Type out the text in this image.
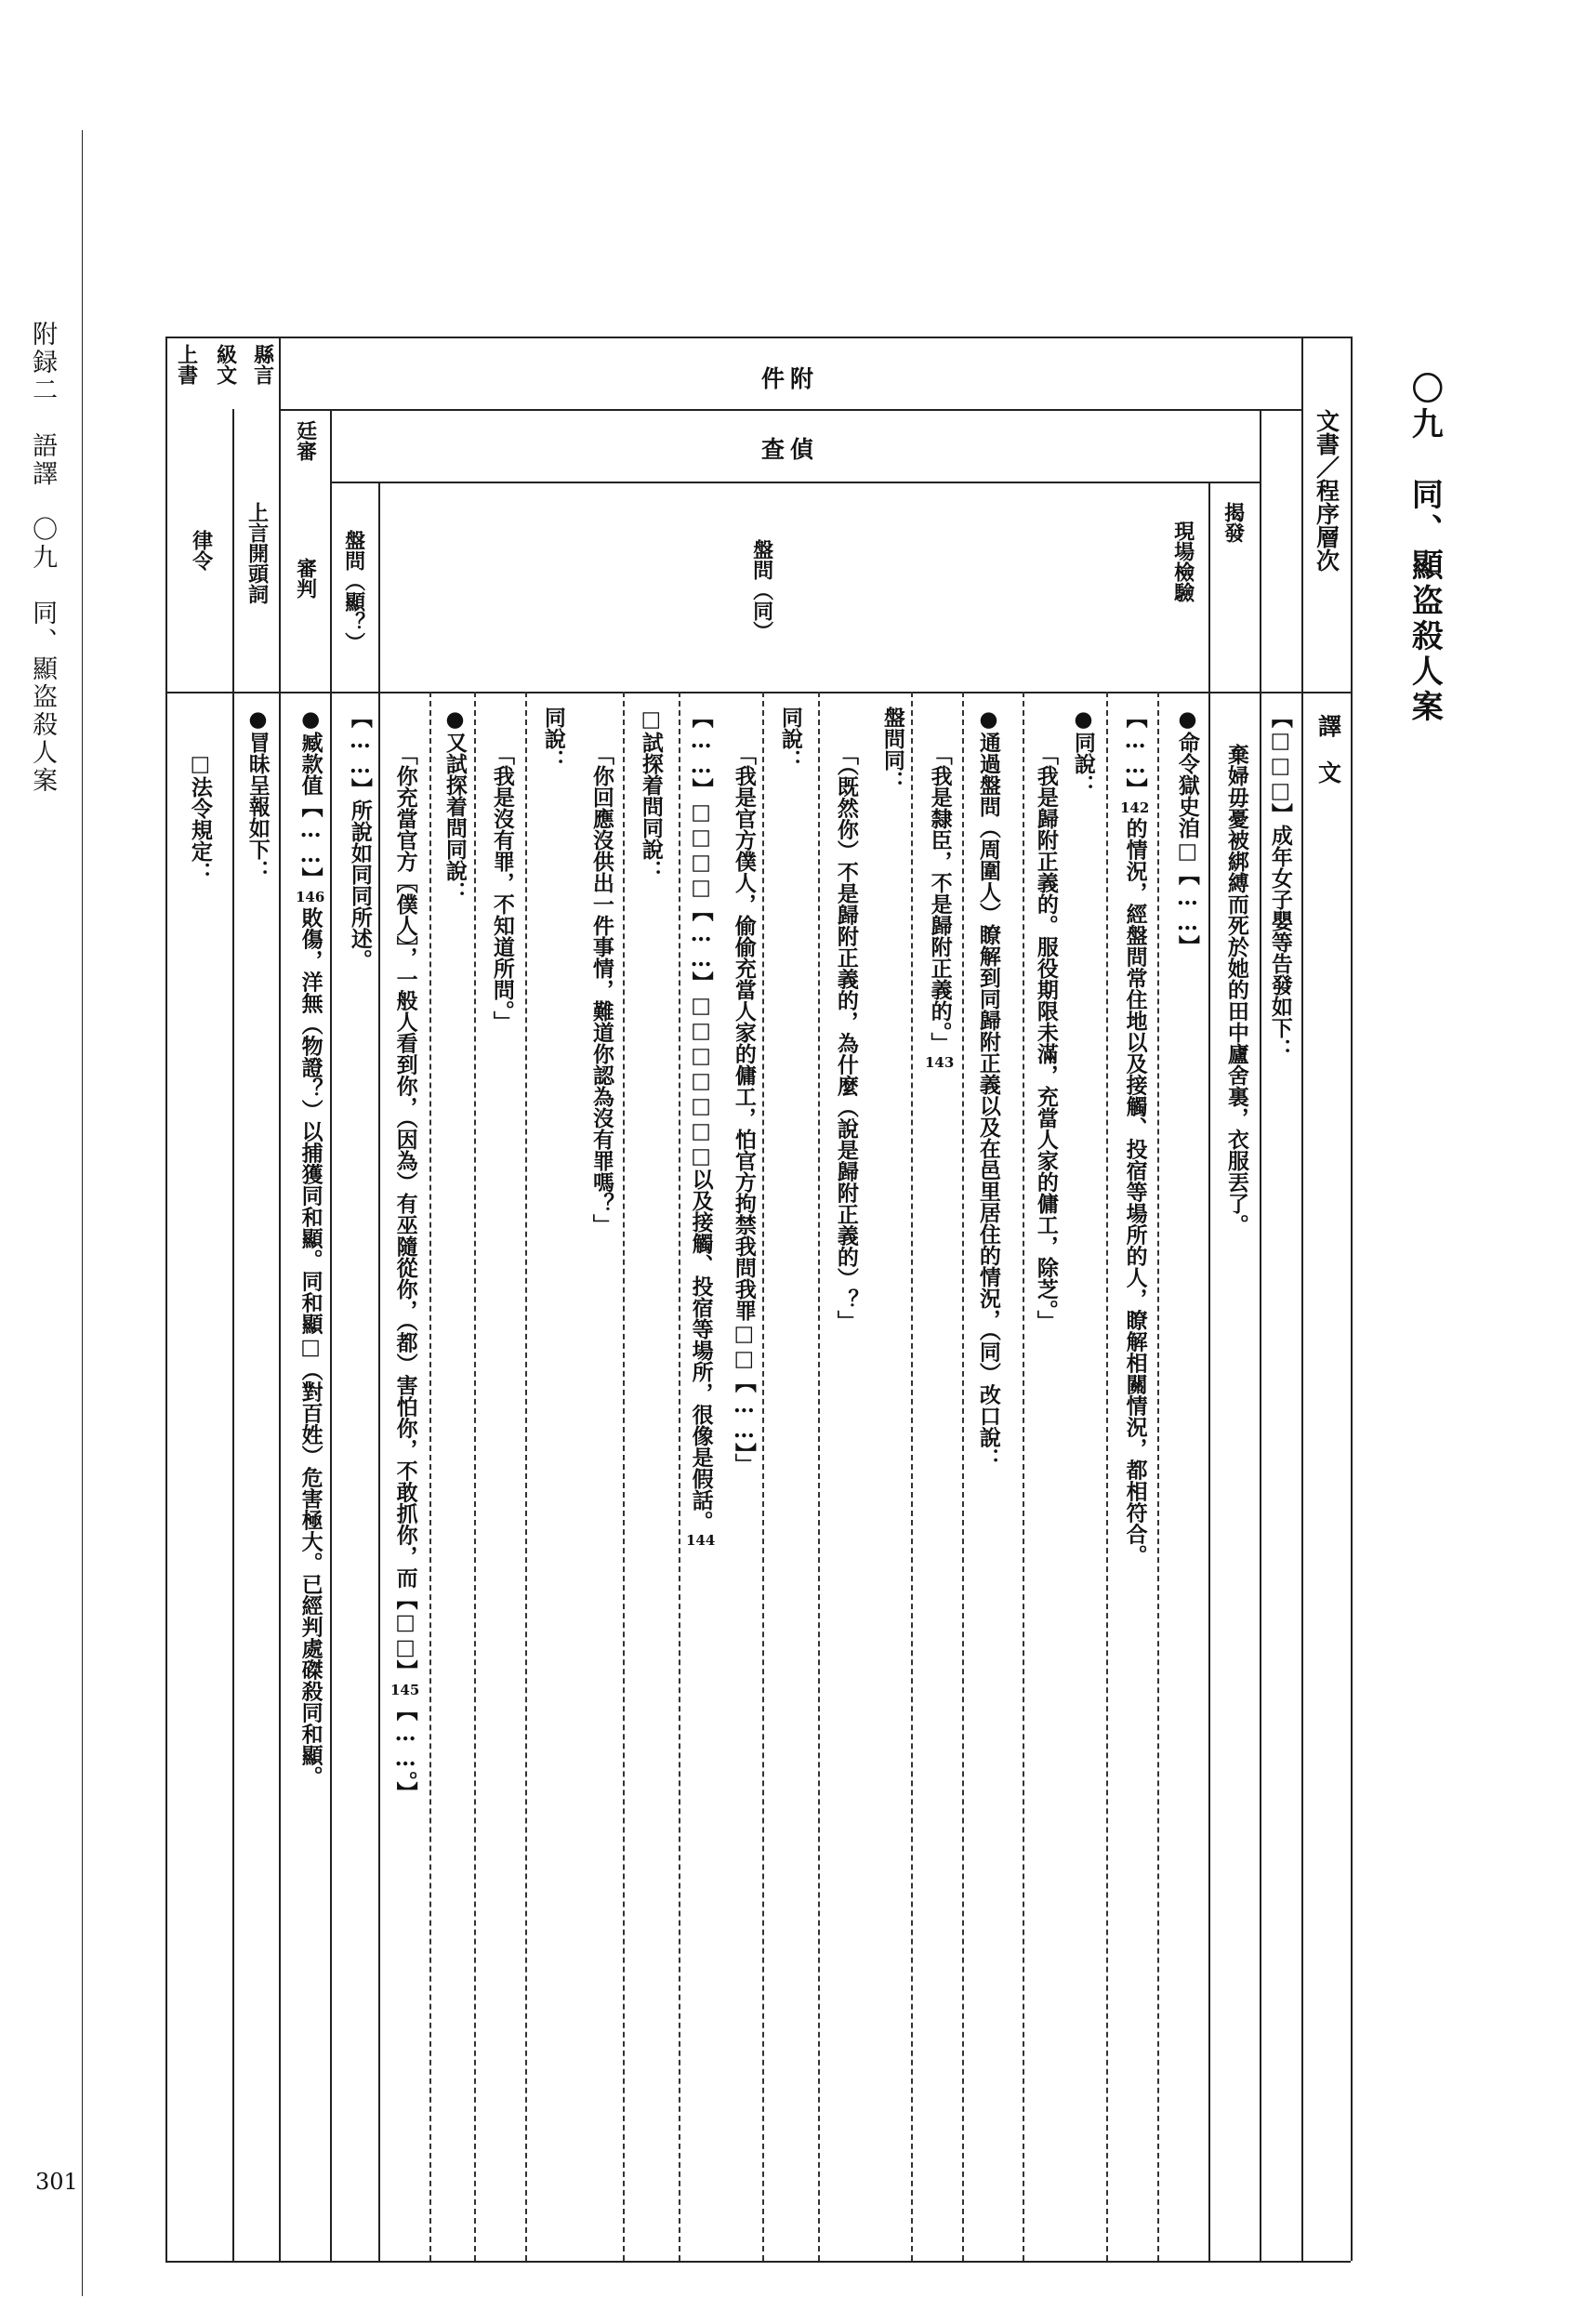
附録二　語譯　〇九　同、顯盗殺人案
301
〇九　同、顯盗殺人案
文書／程序層次
譯　文
件附
查偵
上書 級文 縣言
廷審
揭發
現場檢驗
盤問（同）
盤問（顯？）
審判
上言開頭詞
律令
【□□□】成年女子嬰等告發如下：
棄婦毋憂被綁縛而死於她的田中廬舍裏，衣服丟了。
●命令獄史洎□【……】
【……】142的情況，經盤問常住地以及接觸、投宿等場所的人，瞭解相關情況，都相符合。
●同說：
「我是歸附正義的。服役期限未滿，充當人家的傭工，除芝。」
●通過盤問（周圍人）瞭解到同歸附正義以及在邑里居住的情況，（同）改口說：
「我是隸臣，不是歸附正義的。」143
盤問同：
「（既然你）不是歸附正義的，為什麼（說是歸附正義的）？」
同說：
「我是官方僕人，偷偷充當人家的傭工，怕官方拘禁我問我罪□□【……】」
【……】□□□□【……】□□□□□□□以及接觸、投宿等場所，很像是假話。144
□試探着問同說：
「你回應沒供出一件事情，難道你認為沒有罪嗎？」
同說：
「我是沒有罪，不知道所問。」
●又試探着問同說：
「你充當官方〖僕人〗，一般人看到你，（因為）有巫隨從你，（都）害怕你，不敢抓你，而【□□】145【……。】
【……】所說如同同所述。
●臧款值【……】146敗傷，洋無（物證？）以捕獲同和顯。同和顯□（對百姓）危害極大。已經判處磔殺同和顯。
●冒昧呈報如下：
□法令規定：
